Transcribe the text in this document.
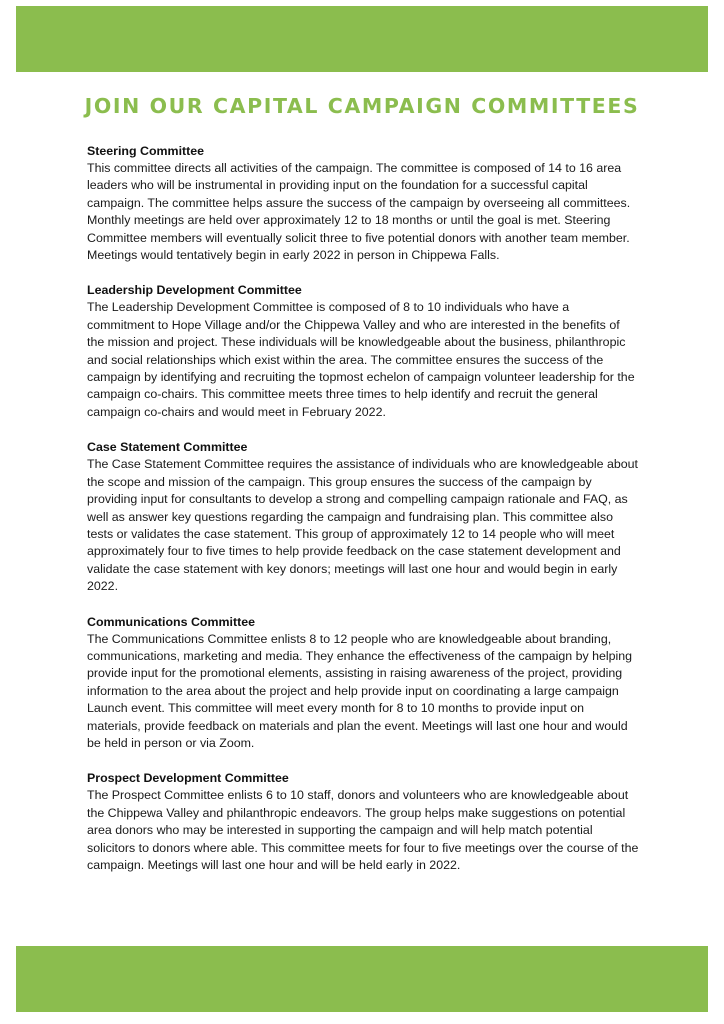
JOIN OUR CAPITAL CAMPAIGN COMMITTEES
Steering Committee

This committee directs all activities of the campaign. The committee is composed of 14 to 16 area leaders who will be instrumental in providing input on the foundation for a successful capital campaign. The committee helps assure the success of the campaign by overseeing all committees. Monthly meetings are held over approximately 12 to 18 months or until the goal is met. Steering Committee members will eventually solicit three to five potential donors with another team member. Meetings would tentatively begin in early 2022 in person in Chippewa Falls.

Leadership Development Committee

The Leadership Development Committee is composed of 8 to 10 individuals who have a commitment to Hope Village and/or the Chippewa Valley and who are interested in the benefits of the mission and project. These individuals will be knowledgeable about the business, philanthropic and social relationships which exist within the area. The committee ensures the success of the campaign by identifying and recruiting the topmost echelon of campaign volunteer leadership for the campaign co-chairs. This committee meets three times to help identify and recruit the general campaign co-chairs and would meet in February 2022.

Case Statement Committee

The Case Statement Committee requires the assistance of individuals who are knowledgeable about the scope and mission of the campaign. This group ensures the success of the campaign by providing input for consultants to develop a strong and compelling campaign rationale and FAQ, as well as answer key questions regarding the campaign and fundraising plan. This committee also tests or validates the case statement. This group of approximately 12 to 14 people who will meet approximately four to five times to help provide feedback on the case statement development and validate the case statement with key donors; meetings will last one hour and would begin in early 2022.

Communications Committee

The Communications Committee enlists 8 to 12 people who are knowledgeable about branding, communications, marketing and media. They enhance the effectiveness of the campaign by helping provide input for the promotional elements, assisting in raising awareness of the project, providing information to the area about the project and help provide input on coordinating a large campaign Launch event. This committee will meet every month for 8 to 10 months to provide input on materials, provide feedback on materials and plan the event. Meetings will last one hour and would be held in person or via Zoom.

Prospect Development Committee

The Prospect Committee enlists 6 to 10 staff, donors and volunteers who are knowledgeable about the Chippewa Valley and philanthropic endeavors. The group helps make suggestions on potential area donors who may be interested in supporting the campaign and will help match potential solicitors to donors where able. This committee meets for four to five meetings over the course of the campaign. Meetings will last one hour and will be held early in 2022.
